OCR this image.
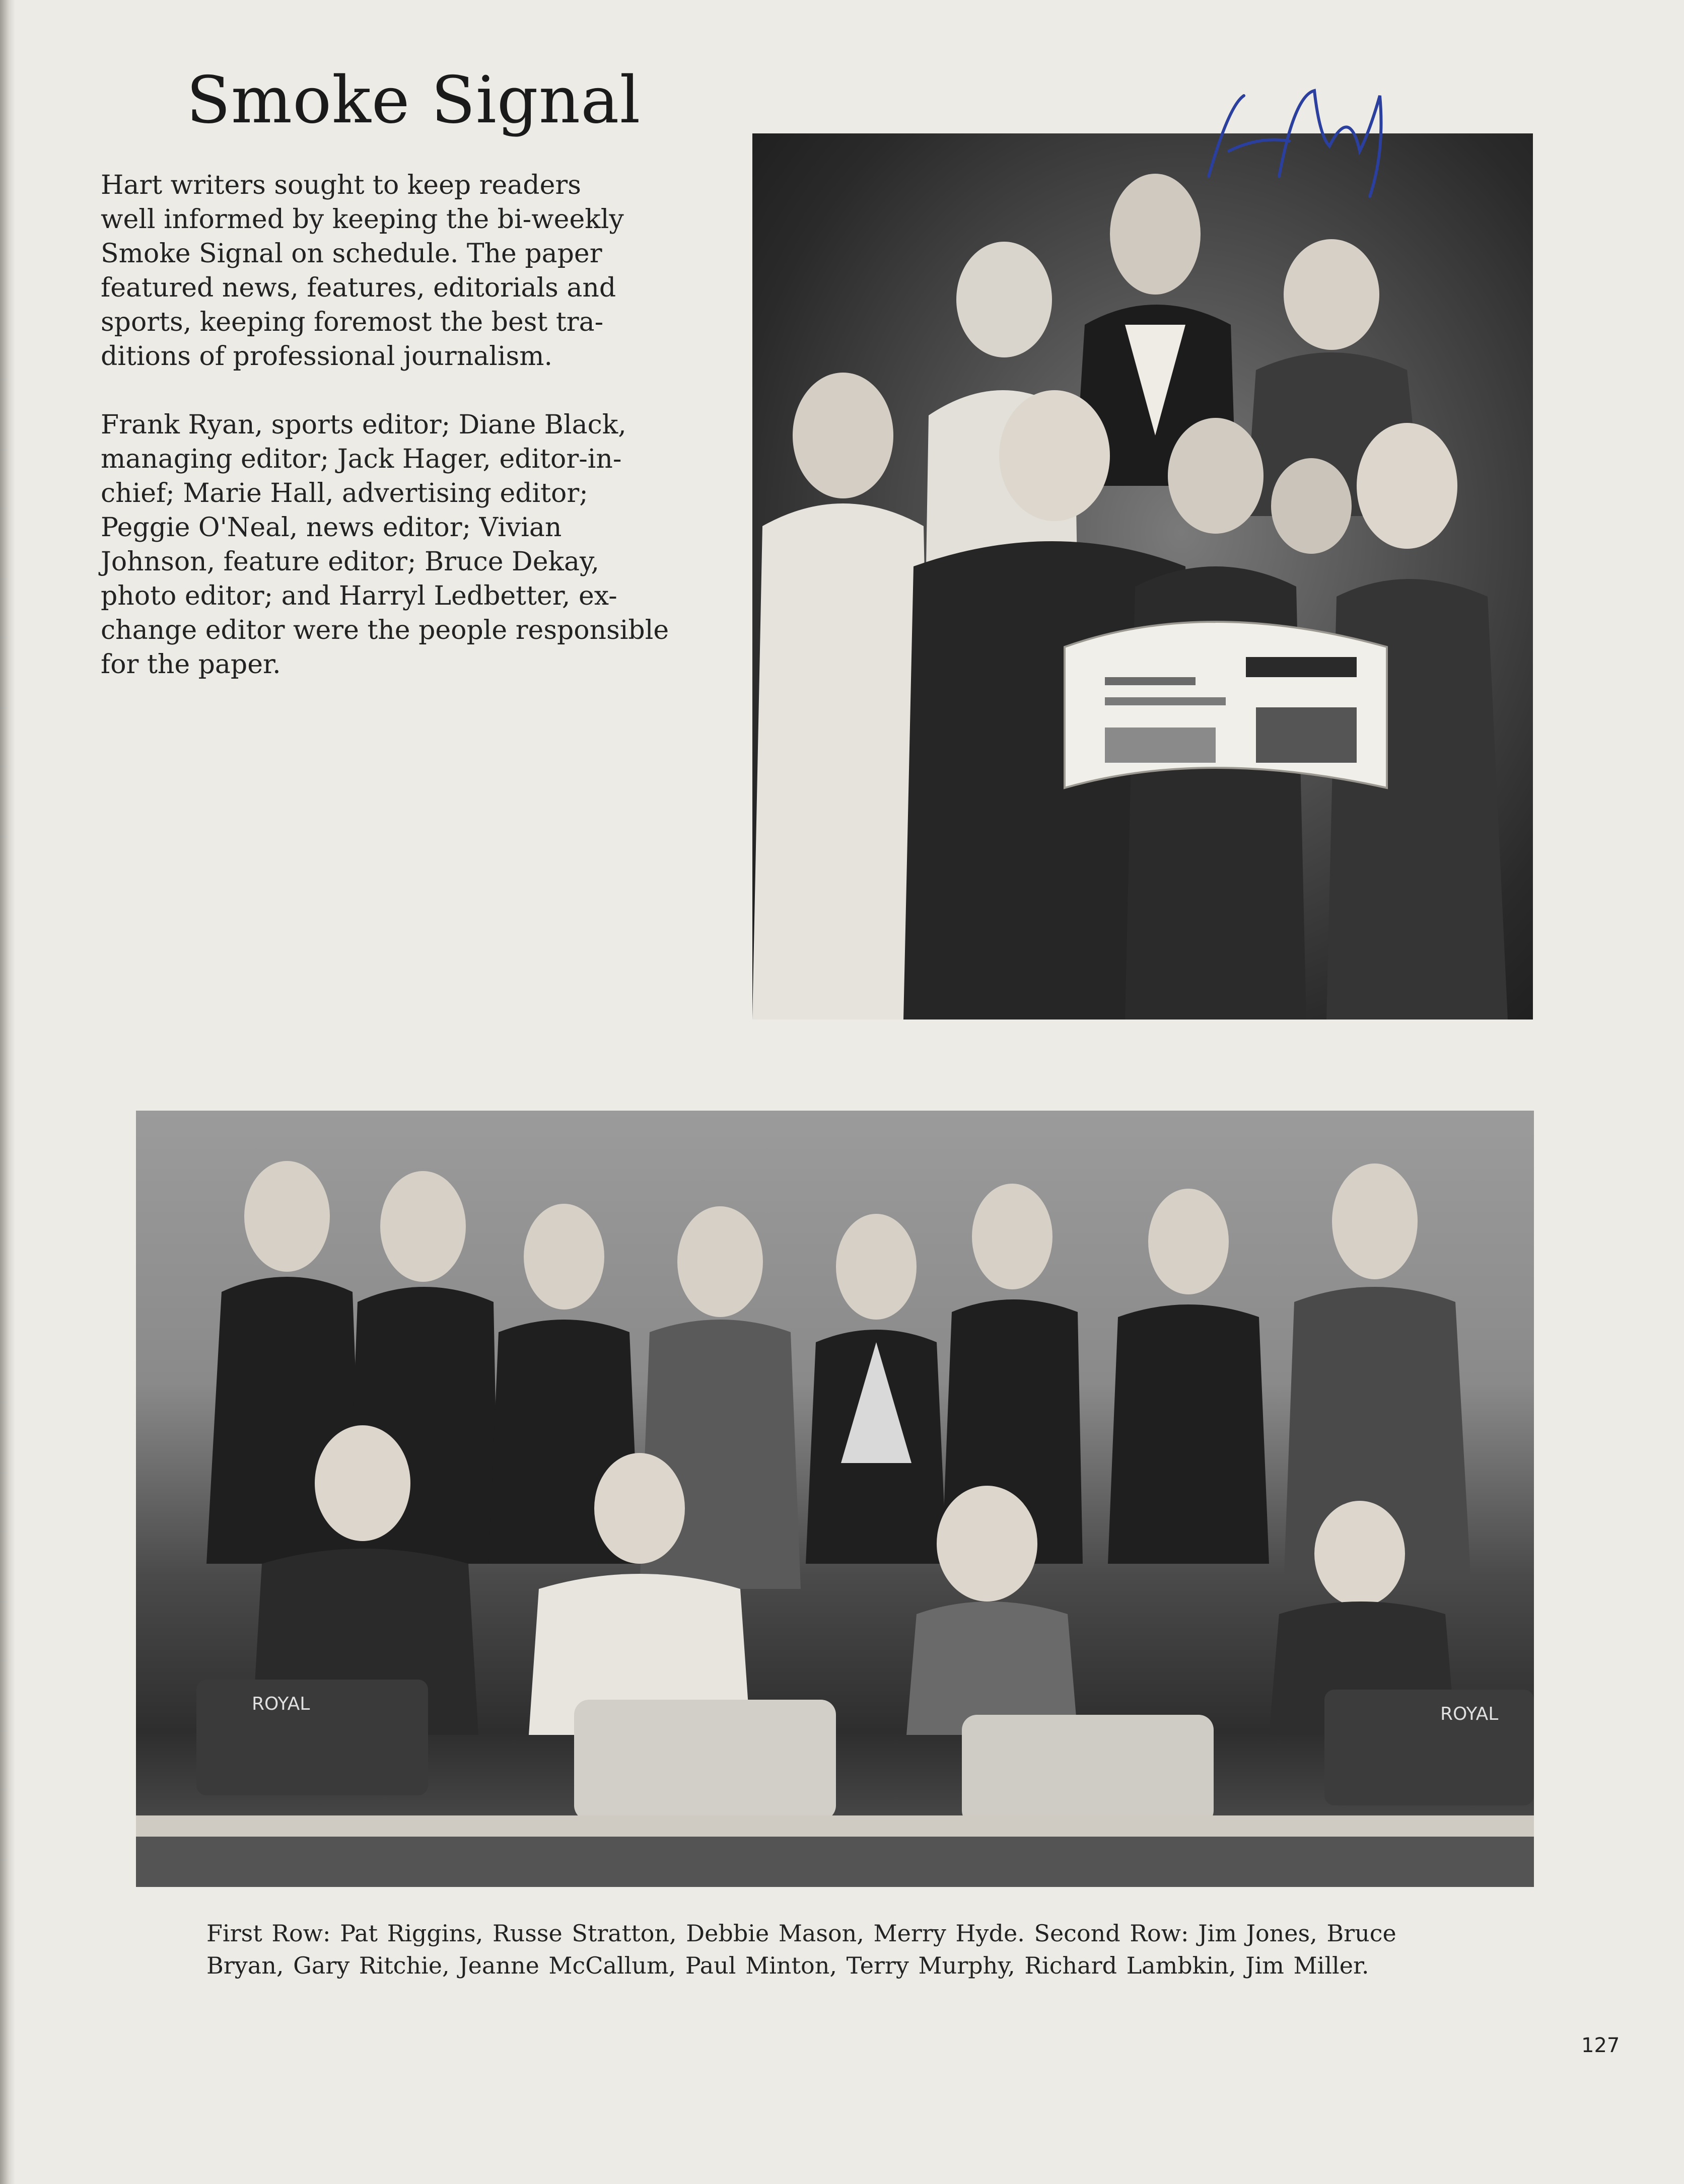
Smoke Signal

Hart writers sought to keep readers
well informed by keeping the bi-weekly
Smoke Signal on schedule. The paper
featured news, features, editorials and
sports, keeping foremost the best tra-
ditions of professional journalism.

Frank Ryan, sports editor; Diane Black,
managing editor; Jack Hager, editor-in-
chief; Marie Hall, advertising editor;
Peggie O'Neal, news editor; Vivian
Johnson, feature editor; Bruce Dekay,
photo editor; and Harryl Ledbetter, ex-
change editor were the people responsible
for the paper.

ROYAL	ROYAL

First Row: Pat Riggins, Russe Stratton, Debbie Mason, Merry Hyde. Second Row: Jim Jones, Bruce
Bryan, Gary Ritchie, Jeanne McCallum, Paul Minton, Terry Murphy, Richard Lambkin, Jim Miller.

127
